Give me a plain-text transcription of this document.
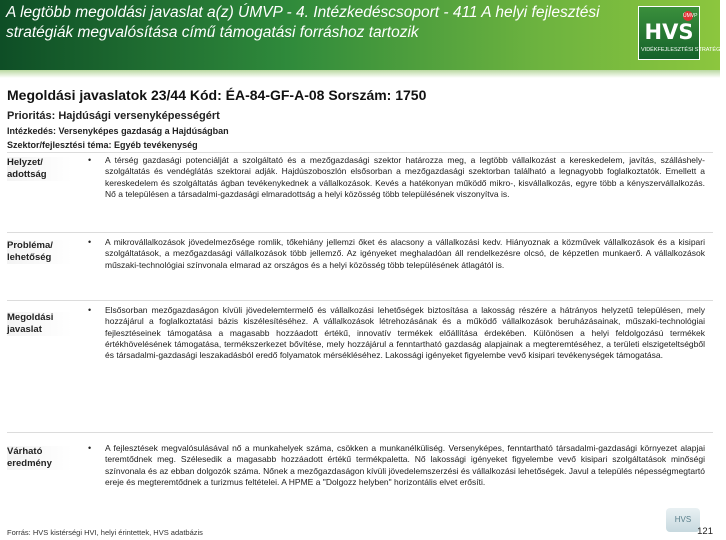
A legtöbb megoldási javaslat a(z) ÚMVP - 4. Intézkedéscsoport - 411 A helyi fejlesztési stratégiák megvalósítása című támogatási forráshoz tartozik
ÚMVP
HVS
VIDÉKFEJLESZTÉSI STRATÉGIA
Megoldási javaslatok 23/44 Kód: ÉA-84-GF-A-08 Sorszám: 1750
Prioritás: Hajdúsági versenyképességért
Intézkedés: Versenyképes gazdaság a Hajdúságban
Szektor/fejlesztési téma: Egyéb tevékenység
Helyzet/ adottság
• A térség gazdasági potenciálját a szolgáltató és a mezőgazdasági szektor határozza meg, a legtöbb vállalkozást a kereskedelem, javítás, szálláshely-szolgáltatás és vendéglátás szektorai adják. Hajdúszoboszlón elsősorban a mezőgazdasági szektorban található a legnagyobb foglalkoztatók. Emellett a kereskedelem és szolgáltatás ágban tevékenykednek a vállalkozások. Kevés a hatékonyan működő mikro-, kisvállalkozás, egyre több a kényszervállalkozás. Nő a településen a társadalmi-gazdasági elmaradottság a helyi közösség több településének viszonyítva is.
Probléma/ lehetőség
• A mikrovállalkozások jövedelmezősége romlik, tőkehiány jellemzi őket és alacsony a vállalkozási kedv. Hiányoznak a közművek vállalkozások és a kisipari szolgáltatások, a mezőgazdasági vállalkozások több jellemző. Az igényeket meghaladóan áll rendelkezésre olcsó, de képzetlen munkaerő. A vállalkozások műszaki-technológiai színvonala elmarad az országos és a helyi közösség több településének átlagától is.
Megoldási javaslat
• Elsősorban mezőgazdaságon kívüli jövedelemtermelő és vállalkozási lehetőségek biztosítása a lakosság részére a hátrányos helyzetű településen, mely hozzájárul a foglalkoztatási bázis kiszélesítéséhez. A vállalkozások létrehozásának és a működő vállalkozások beruházásainak, műszaki-technológiai fejlesztéseinek támogatása a magasabb hozzáadott értékű, innovatív termékek előállítása érdekében. Különösen a helyi feldolgozású termékek értékhövelésének támogatása, termékszerkezet bővítése, mely hozzájárul a fenntartható gazdaság alapjainak a megteremtéséhez, a területi elszigeteltségből és társadalmi-gazdasági leszakadásból eredő folyamatok mérsékléséhez. Lakossági igényeket figyelembe vevő kisipari tevékenységek támogatása.
Várható eredmény
• A fejlesztések megvalósulásával nő a munkahelyek száma, csökken a munkanélküliség. Versenyképes, fenntartható társadalmi-gazdasági környezet alapjai teremtődnek meg. Szélesedik a magasabb hozzáadott értékű termékpaletta. Nő lakossági igényeket figyelembe vevő kisipari szolgáltatások minőségi színvonala és az ebban dolgozók száma. Nőnek a mezőgazdaságon kívüli jövedelemszerzési és vállalkozási lehetőségek. Javul a település népességmegtartó ereje és megteremtődnek a turizmus feltételei. A HPME a "Dolgozz helyben" horizontális elvet erősíti.
Forrás: HVS kistérségi HVI, helyi érintettek, HVS adatbázis
HVS
121
